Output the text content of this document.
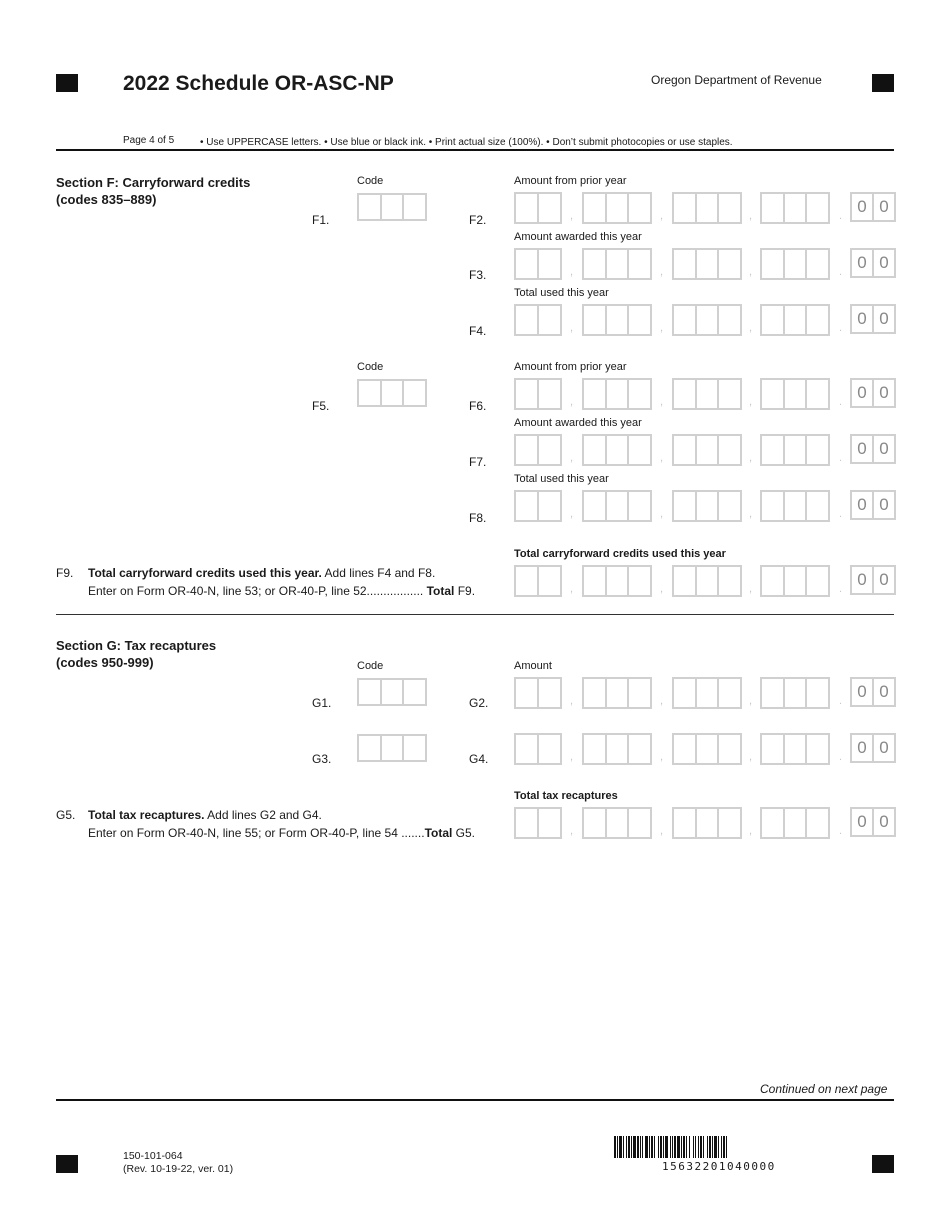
2022 Schedule OR-ASC-NP	Oregon Department of Revenue
Page 4 of 5	• Use UPPERCASE letters. • Use blue or black ink. • Print actual size (100%). • Don’t submit photocopies or use staples.
Section F: Carryforward credits
(codes 835–889)
Code
F1.
Amount from prior year
F2.	,	,	,	. 0 0
Amount awarded this year
F3.	,	,	,	. 0 0
Total used this year
F4.	,	,	,	. 0 0
Code
F5.
Amount from prior year
F6.	,	,	,	. 0 0
Amount awarded this year
F7.	,	,	,	. 0 0
Total used this year
F8.	,	,	,	. 0 0
Total carryforward credits used this year
F9. Total carryforward credits used this year. Add lines F4 and F8.
Enter on Form OR-40-N, line 53; or OR-40-P, line 52................. Total F9.	,	,	,	. 0 0
Section G: Tax recaptures
(codes 950-999)	Code
G1.
Amount
G2.	,	,	,	. 0 0
G3.	G4.	,	,	,	. 0 0
Total tax recaptures
G5. Total tax recaptures. Add lines G2 and G4.
Enter on Form OR-40-N, line 55; or Form OR-40-P, line 54 .......Total G5.	,	,	,	. 0 0
Continued on next page
150-101-064
(Rev. 10-19-22, ver. 01)	15632201040000
